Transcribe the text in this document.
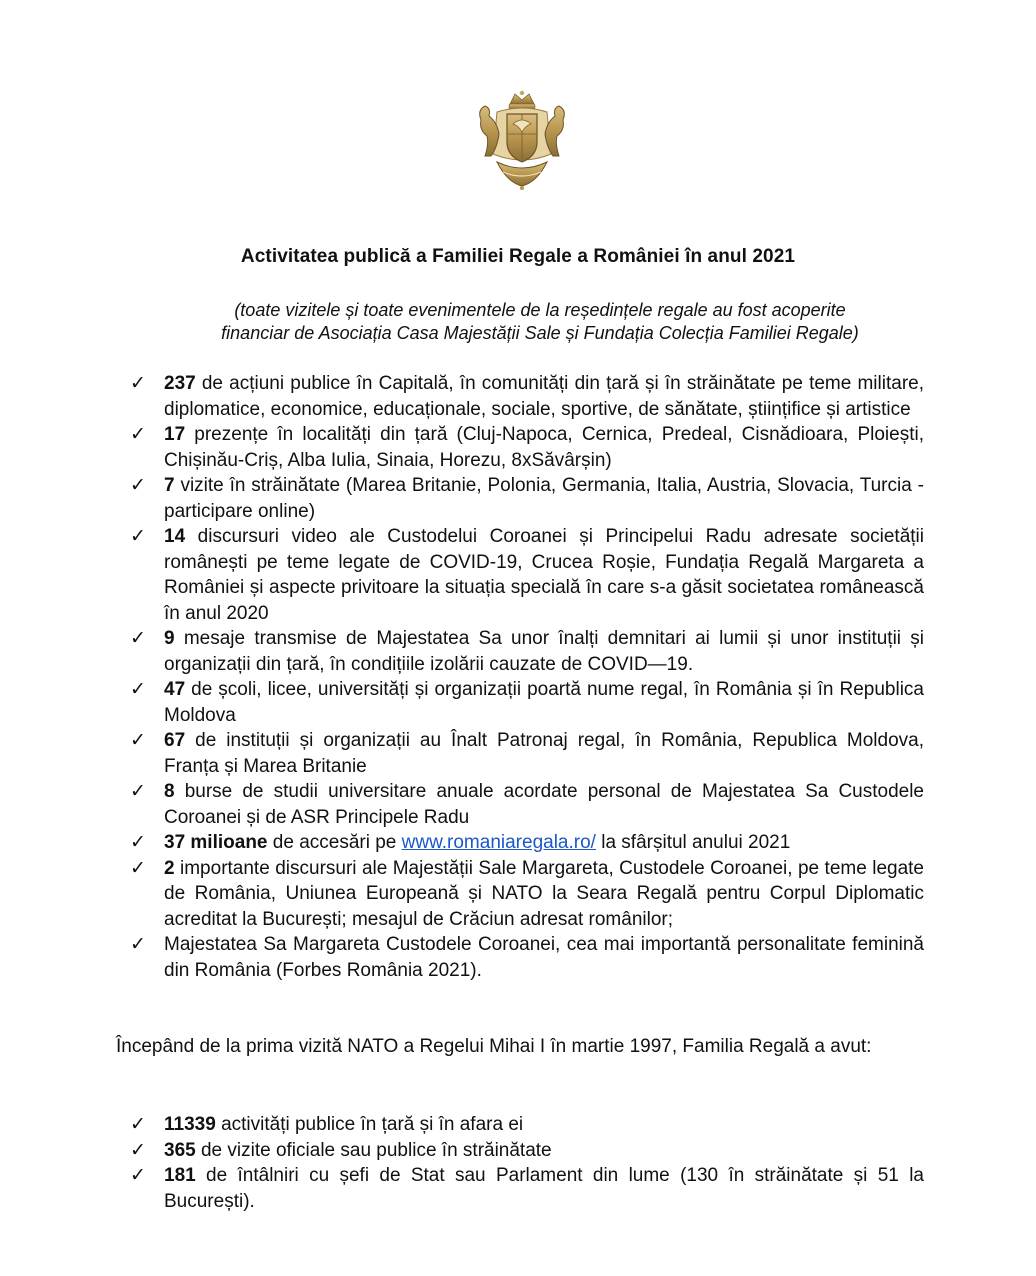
Activitatea publică a Familiei Regale a României în anul 2021
(toate vizitele și toate evenimentele de la reședințele regale au fost acoperite
financiar de Asociația Casa Majestății Sale și Fundația Colecția Familiei Regale)
✓ 237 de acțiuni publice în Capitală, în comunități din țară și în străinătate pe teme militare, diplomatice, economice, educaționale, sociale, sportive, de sănătate, științifice și artistice
✓ 17 prezențe în localități din țară (Cluj-Napoca, Cernica, Predeal, Cisnădioara, Ploiești, Chișinău-Criș, Alba Iulia, Sinaia, Horezu, 8xSăvârșin)
✓ 7 vizite în străinătate (Marea Britanie, Polonia, Germania, Italia, Austria, Slovacia, Turcia - participare online)
✓ 14 discursuri video ale Custodelui Coroanei și Principelui Radu adresate societății românești pe teme legate de COVID-19, Crucea Roșie, Fundația Regală Margareta a României și aspecte privitoare la situația specială în care s-a găsit societatea românească în anul 2020
✓ 9 mesaje transmise de Majestatea Sa unor înalți demnitari ai lumii și unor instituții și organizații din țară, în condițiile izolării cauzate de COVID—19.
✓ 47 de școli, licee, universități și organizații poartă nume regal, în România și în Republica Moldova
✓ 67 de instituții și organizații au Înalt Patronaj regal, în România, Republica Moldova, Franța și Marea Britanie
✓ 8 burse de studii universitare anuale acordate personal de Majestatea Sa Custodele Coroanei și de ASR Principele Radu
✓ 37 milioane de accesări pe www.romaniaregala.ro/ la sfârșitul anului 2021
✓ 2 importante discursuri ale Majestății Sale Margareta, Custodele Coroanei, pe teme legate de România, Uniunea Europeană și NATO la Seara Regală pentru Corpul Diplomatic acreditat la București; mesajul de Crăciun adresat românilor;
✓ Majestatea Sa Margareta Custodele Coroanei, cea mai importantă personalitate feminină din România (Forbes România 2021).

Începând de la prima vizită NATO a Regelui Mihai I în martie 1997, Familia Regală a avut:

✓ 11339 activități publice în țară și în afara ei
✓ 365 de vizite oficiale sau publice în străinătate
✓ 181 de întâlniri cu șefi de Stat sau Parlament din lume (130 în străinătate și 51 la București).
